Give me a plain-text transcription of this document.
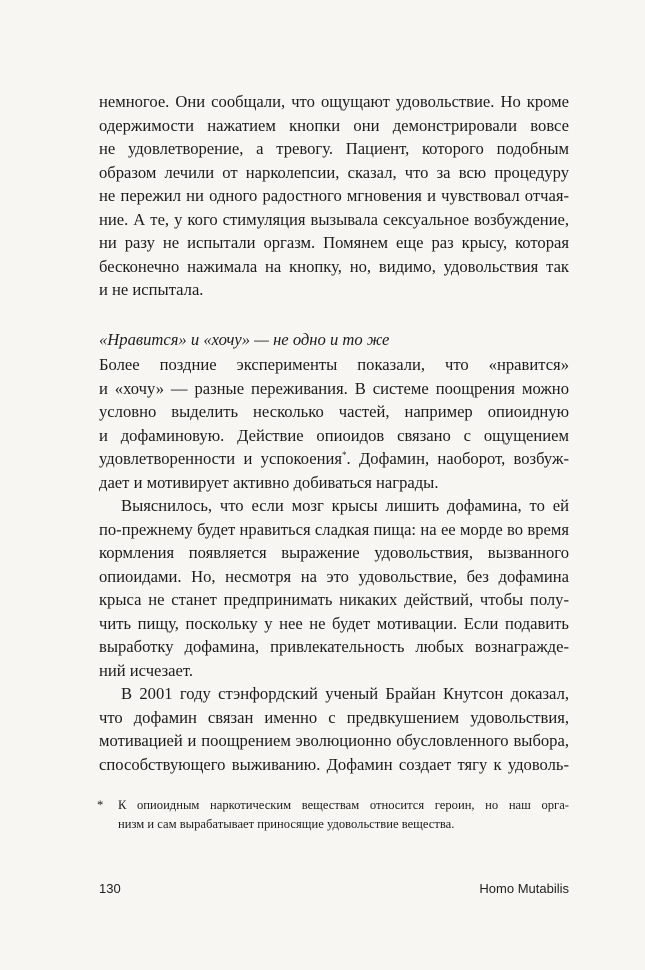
немногое. Они сообщали, что ощущают удовольствие. Но кроме
одержимости нажатием кнопки они демонстрировали вовсе
не удовлетворение, а тревогу. Пациент, которого подобным
образом лечили от нарколепсии, сказал, что за всю процедуру
не пережил ни одного радостного мгновения и чувствовал отчая-
ние. А те, у кого стимуляция вызывала сексуальное возбуждение,
ни разу не испытали оргазм. Помянем еще раз крысу, которая
бесконечно нажимала на кнопку, но, видимо, удовольствия так
и не испытала.
«Нравится» и «хочу» — не одно и то же
Более поздние эксперименты показали, что «нравится»
и «хочу» — разные переживания. В системе поощрения можно
условно выделить несколько частей, например опиоидную
и дофаминовую. Действие опиоидов связано с ощущением
удовлетворенности и успокоения*. Дофамин, наоборот, возбуж-
дает и мотивирует активно добиваться награды.
Выяснилось, что если мозг крысы лишить дофамина, то ей
по-прежнему будет нравиться сладкая пища: на ее морде во время
кормления появляется выражение удовольствия, вызванного
опиоидами. Но, несмотря на это удовольствие, без дофамина
крыса не станет предпринимать никаких действий, чтобы полу-
чить пищу, поскольку у нее не будет мотивации. Если подавить
выработку дофамина, привлекательность любых вознагражде-
ний исчезает.
В 2001 году стэнфордский ученый Брайан Кнутсон доказал,
что дофамин связан именно с предвкушением удовольствия,
мотивацией и поощрением эволюционно обусловленного выбора,
способствующего выживанию. Дофамин создает тягу к удоволь-
*	К опиоидным наркотическим веществам относится героин, но наш орга-
низм и сам вырабатывает приносящие удовольствие вещества.
130	Homo Mutabilis
